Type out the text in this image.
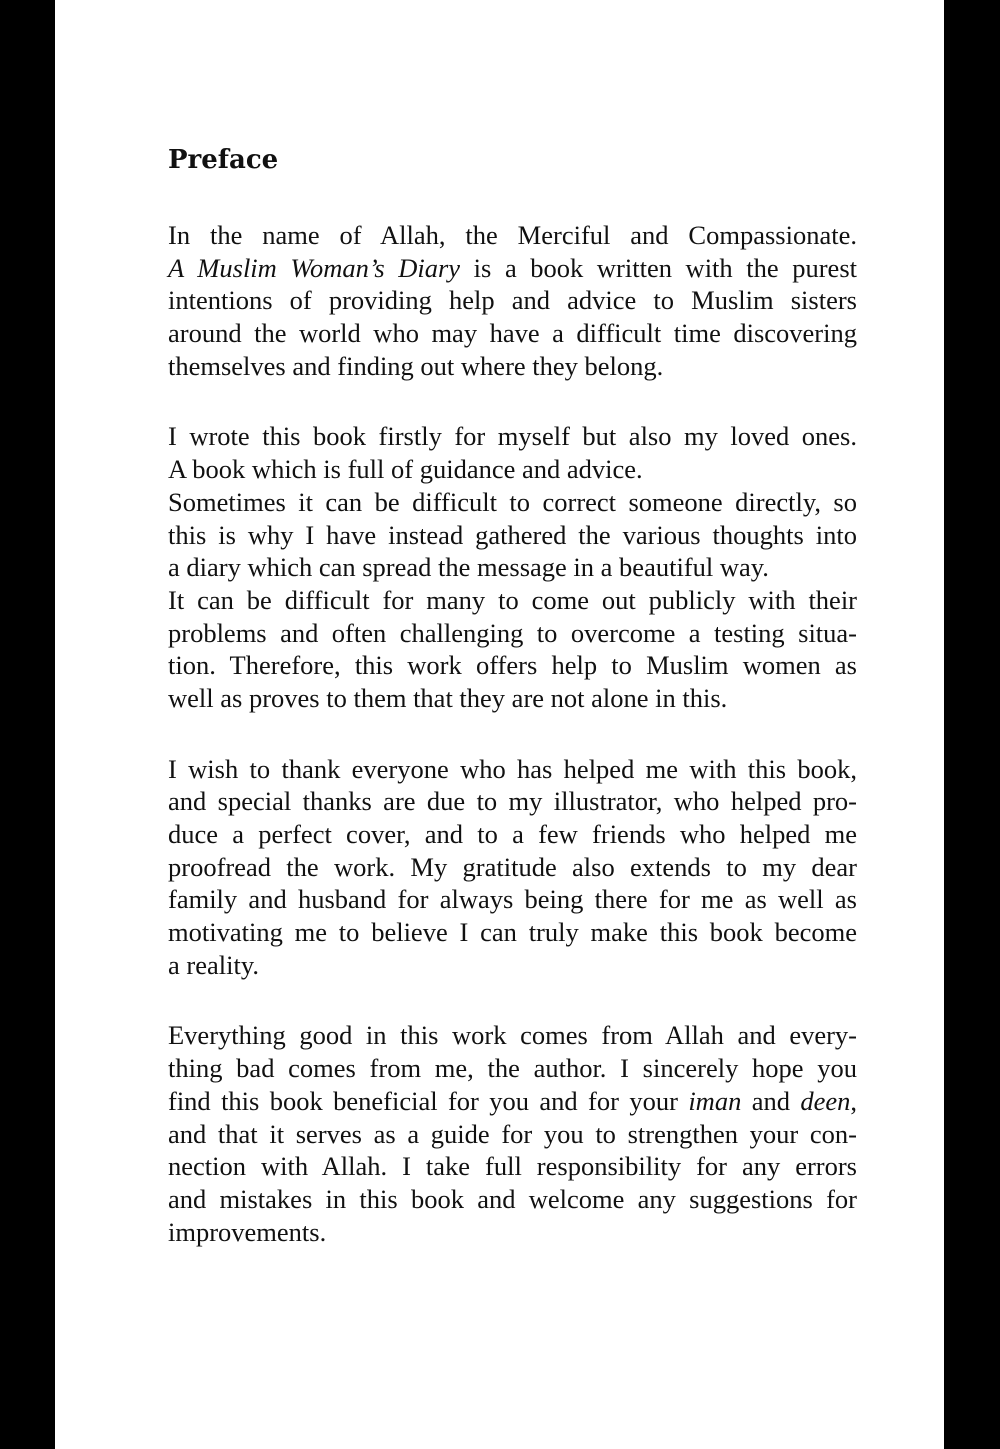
Preface

In the name of Allah, the Merciful and Compassionate.
A Muslim Woman’s Diary is a book written with the purest
intentions of providing help and advice to Muslim sisters
around the world who may have a difficult time discovering
themselves and finding out where they belong.

I wrote this book firstly for myself but also my loved ones.
A book which is full of guidance and advice.
Sometimes it can be difficult to correct someone directly, so
this is why I have instead gathered the various thoughts into
a diary which can spread the message in a beautiful way.
It can be difficult for many to come out publicly with their
problems and often challenging to overcome a testing situa-
tion. Therefore, this work offers help to Muslim women as
well as proves to them that they are not alone in this.

I wish to thank everyone who has helped me with this book,
and special thanks are due to my illustrator, who helped pro-
duce a perfect cover, and to a few friends who helped me
proofread the work. My gratitude also extends to my dear
family and husband for always being there for me as well as
motivating me to believe I can truly make this book become
a reality.

Everything good in this work comes from Allah and every-
thing bad comes from me, the author. I sincerely hope you
find this book beneficial for you and for your iman and deen,
and that it serves as a guide for you to strengthen your con-
nection with Allah. I take full responsibility for any errors
and mistakes in this book and welcome any suggestions for
improvements.
